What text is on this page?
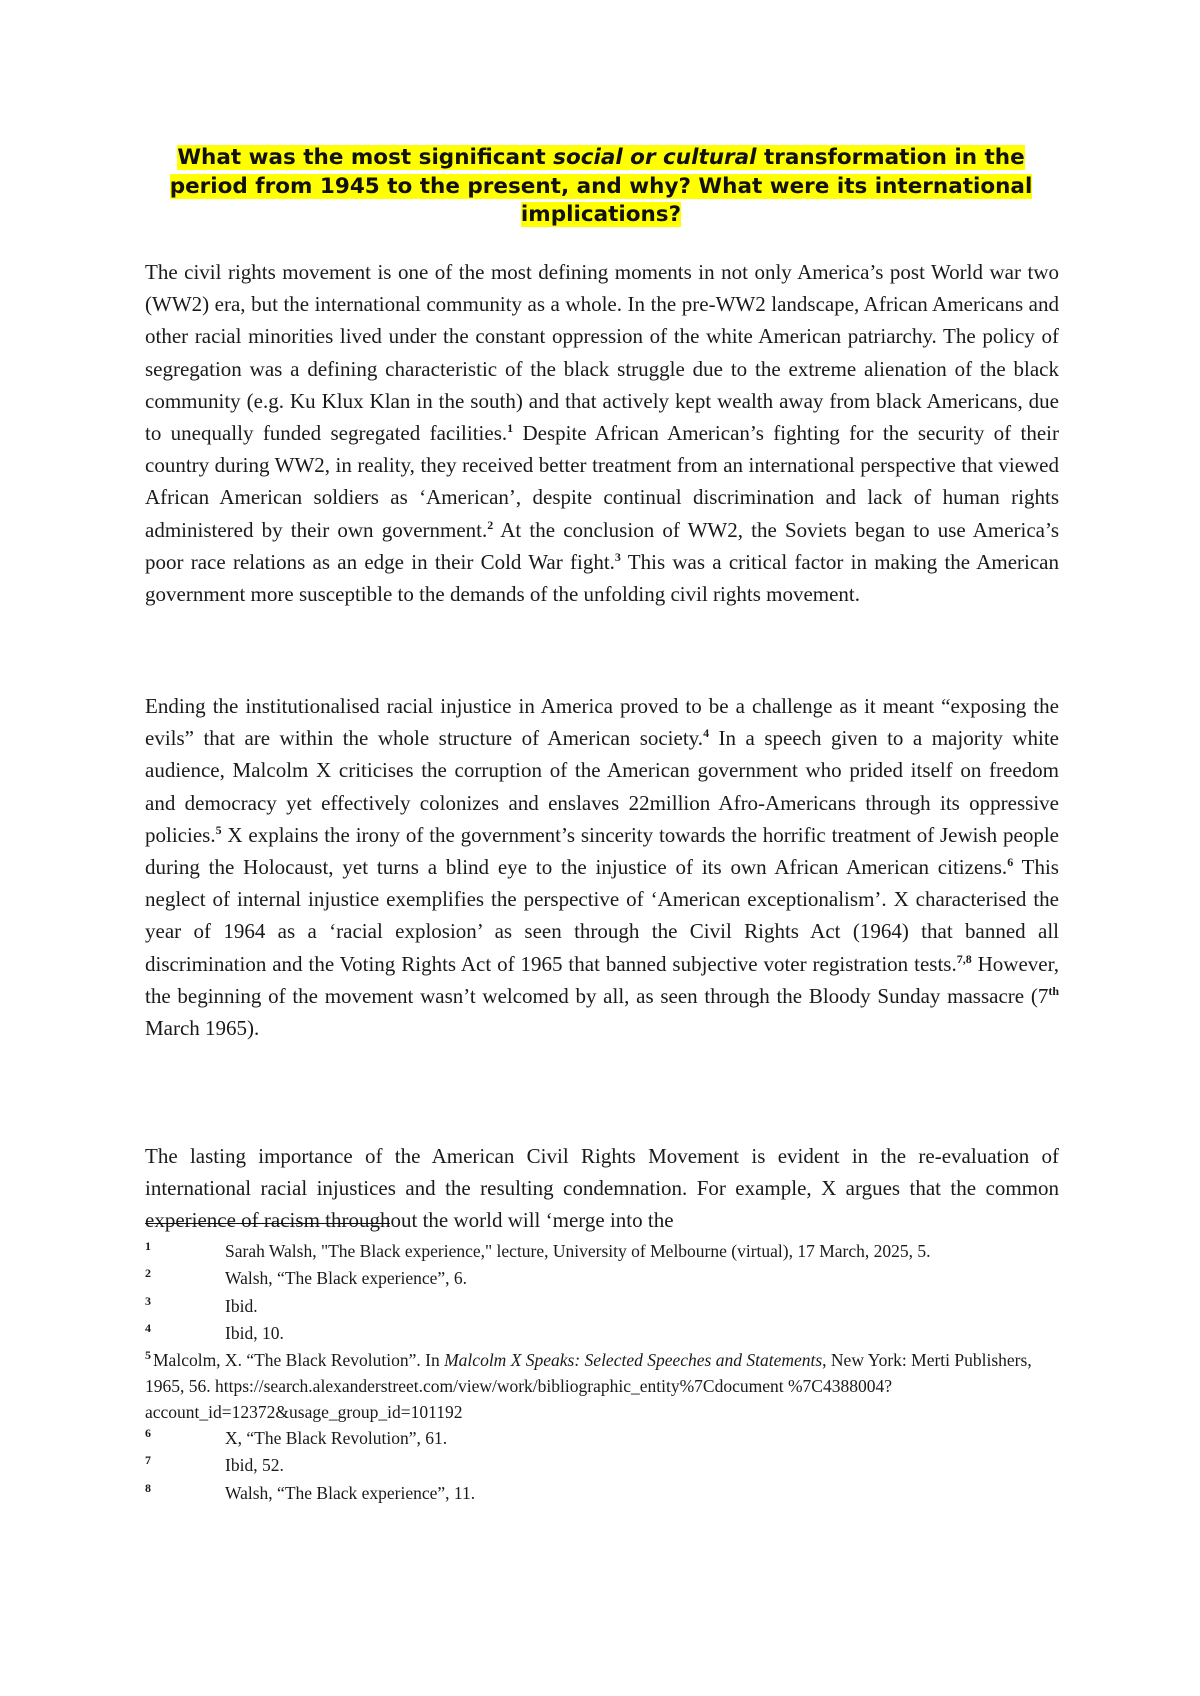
What was the most significant social or cultural transformation in the period from 1945 to the present, and why? What were its international implications?

The civil rights movement is one of the most defining moments in not only America’s post World war two (WW2) era, but the international community as a whole. In the pre-WW2 landscape, African Americans and other racial minorities lived under the constant oppression of the white American patriarchy. The policy of segregation was a defining characteristic of the black struggle due to the extreme alienation of the black community (e.g. Ku Klux Klan in the south) and that actively kept wealth away from black Americans, due to unequally funded segregated facilities.$^1$ Despite African American’s fighting for the security of their country during WW2, in reality, they received better treatment from an international perspective that viewed African American soldiers as ‘American’, despite continual discrimination and lack of human rights administered by their own government.$^2$ At the conclusion of WW2, the Soviets began to use America’s poor race relations as an edge in their Cold War fight.$^3$ This was a critical factor in making the American government more susceptible to the demands of the unfolding civil rights movement.

Ending the institutionalised racial injustice in America proved to be a challenge as it meant “exposing the evils” that are within the whole structure of American society.$^4$ In a speech given to a majority white audience, Malcolm X criticises the corruption of the American government who prided itself on freedom and democracy yet effectively colonizes and enslaves 22million Afro-Americans through its oppressive policies.$^5$ X explains the irony of the government’s sincerity towards the horrific treatment of Jewish people during the Holocaust, yet turns a blind eye to the injustice of its own African American citizens.$^6$ This neglect of internal injustice exemplifies the perspective of ‘American exceptionalism’. X characterised the year of 1964 as a ‘racial explosion’ as seen through the Civil Rights Act (1964) that banned all discrimination and the Voting Rights Act of 1965 that banned subjective voter registration tests.$^{7,8}$ However, the beginning of the movement wasn’t welcomed by all, as seen through the Bloody Sunday massacre (7th March 1965).

The lasting importance of the American Civil Rights Movement is evident in the re-evaluation of international racial injustices and the resulting condemnation. For example, X argues that the common experience of racism throughout the world will ‘merge into the

1	Sarah Walsh, "The Black experience," lecture, University of Melbourne (virtual), 17 March, 2025, 5.
2	Walsh, “The Black experience”, 6.
3	Ibid.
4	Ibid, 10.
5 Malcolm, X. “The Black Revolution”. In Malcolm X Speaks: Selected Speeches and Statements, New York: Merti Publishers, 1965, 56. https://search.alexanderstreet.com/view/work/bibliographic_entity%7Cdocument %7C4388004?account_id=12372&usage_group_id=101192
6	X, “The Black Revolution”, 61.
7	Ibid, 52.
8	Walsh, “The Black experience”, 11.
